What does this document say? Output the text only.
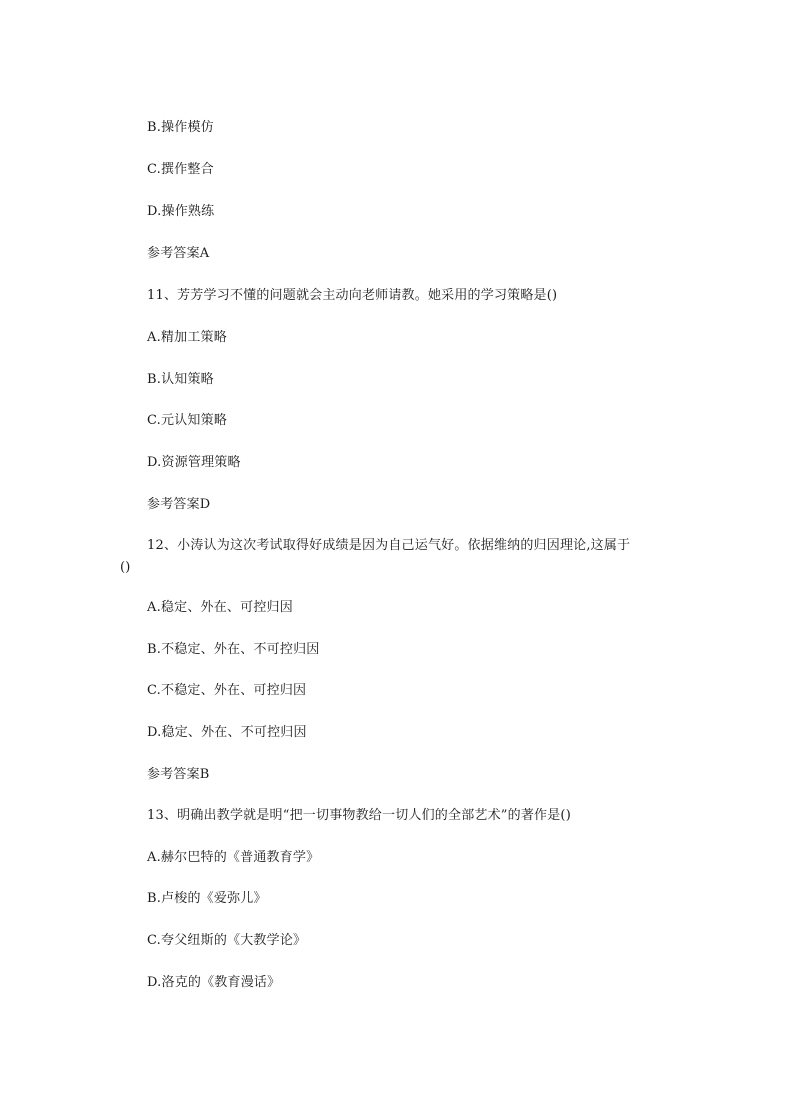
B.操作模仿
C.撰作整合
D.操作熟练
参考答案A
11、芳芳学习不懂的问题就会主动向老师请教。她采用的学习策略是()
A.精加工策略
B.认知策略
C.元认知策略
D.资源管理策略
参考答案D
12、小涛认为这次考试取得好成绩是因为自己运气好。依据维纳的归因理论,这属于()
A.稳定、外在、可控归因
B.不稳定、外在、不可控归因
C.不稳定、外在、可控归因
D.稳定、外在、不可控归因
参考答案B
13、明确出教学就是明“把一切事物教给一切人们的全部艺术”的著作是()
A.赫尔巴特的《普通教育学》
B.卢梭的《爱弥儿》
C.夸父纽斯的《大教学论》
D.洛克的《教育漫话》
